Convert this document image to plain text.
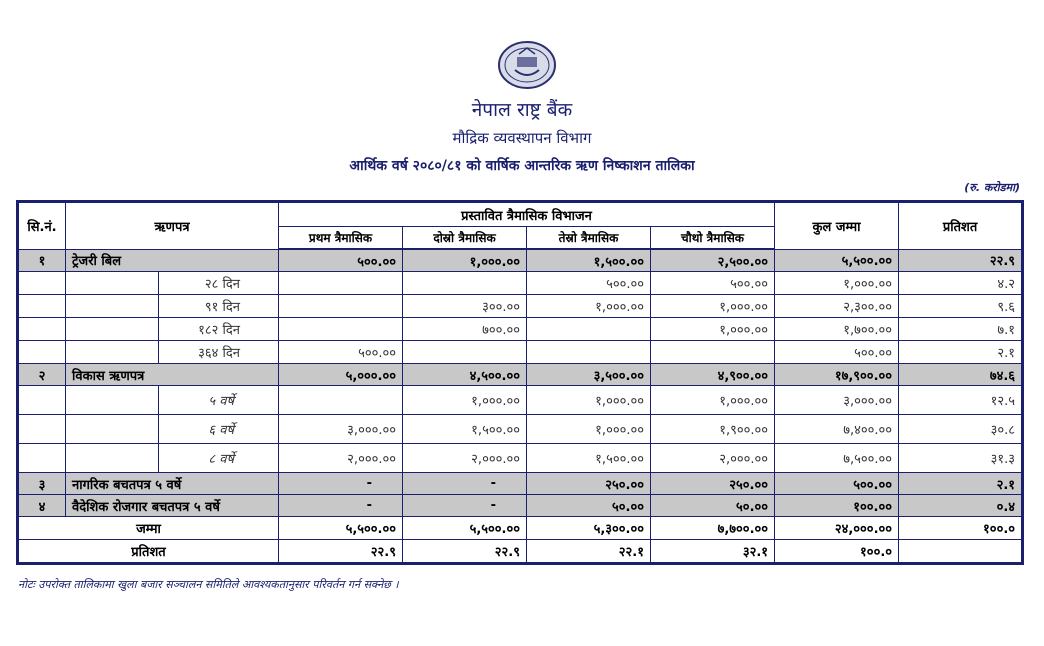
नेपाल राष्ट्र बैंक
मौद्रिक व्यवस्थापन विभाग
आर्थिक वर्ष २०८०/८१ को वार्षिक आन्तरिक ऋण निष्काशन तालिका
(रु. करोडमा)
सि.नं.	ऋणपत्र		प्रस्तावित त्रैमासिक विभाजन				कुल जम्मा	प्रतिशत
			प्रथम त्रैमासिक	दोस्रो त्रैमासिक	तेस्रो त्रैमासिक	चौथो त्रैमासिक		
१	ट्रेजरी बिल		५००.००	१,०००.००	१,५००.००	२,५००.००	५,५००.००	२२.९
		२८ दिन			५००.००	५००.००	१,०००.००	४.२
		९१ दिन		३००.००	१,०००.००	१,०००.००	२,३००.००	९.६
		१८२ दिन		७००.००		१,०००.००	१,७००.००	७.१
		३६४ दिन	५००.००				५००.००	२.१
२	विकास ऋणपत्र		५,०००.००	४,५००.००	३,५००.००	४,९००.००	१७,९००.००	७४.६
		५ वर्षे		१,०००.००	१,०००.००	१,०००.००	३,०००.००	१२.५
		६ वर्षे	३,०००.००	१,५००.००	१,०००.००	१,९००.००	७,४००.००	३०.८
		८ वर्षे	२,०००.००	२,०००.००	१,५००.००	२,०००.००	७,५००.००	३१.३
३	नागरिक बचतपत्र ५ वर्षे		-	-	२५०.००	२५०.००	५००.००	२.१
४	वैदेशिक रोजगार बचतपत्र ५ वर्षे		-	-	५०.००	५०.००	१००.००	०.४
जम्मा			५,५००.००	५,५००.००	५,३००.००	७,७००.००	२४,०००.००	१००.०
प्रतिशत			२२.९	२२.९	२२.१	३२.१	१००.०	
नोटः उपरोक्त तालिकामा खुला बजार सञ्चालन समितिले आवश्यकतानुसार परिवर्तन गर्न सक्नेछ ।
